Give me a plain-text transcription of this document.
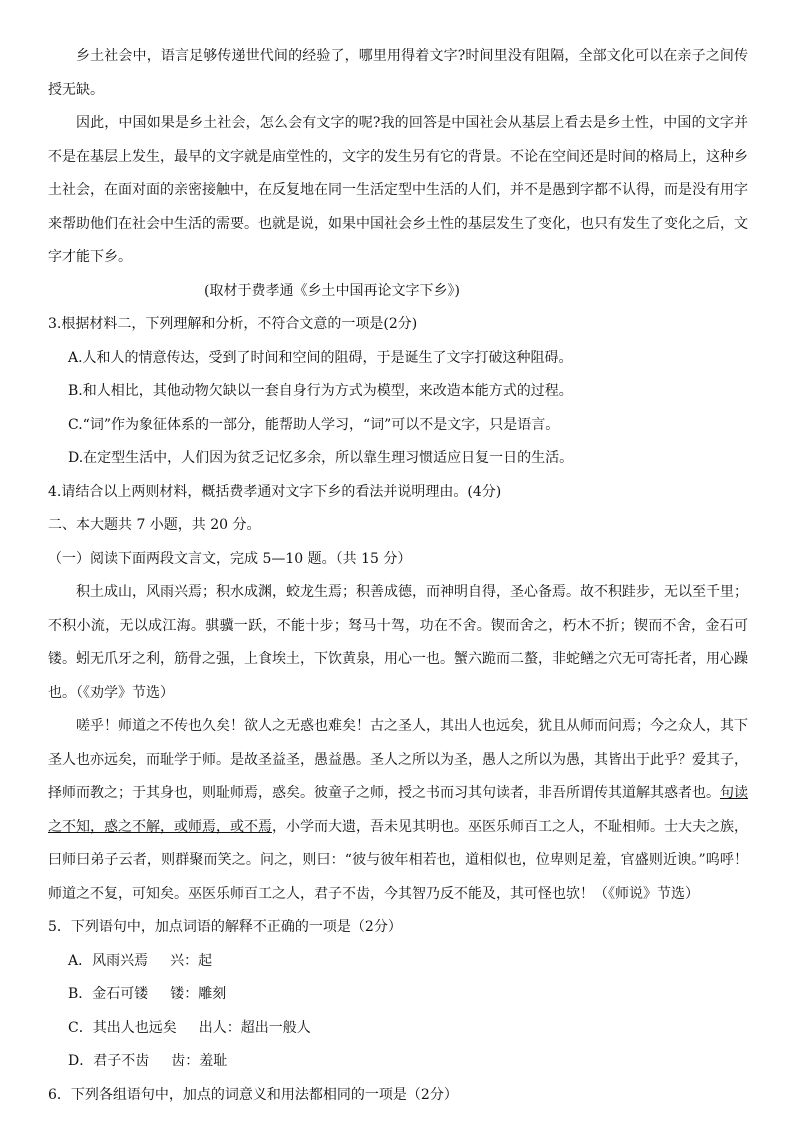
乡土社会中，语言足够传递世代间的经验了，哪里用得着文字?时间里没有阻隔，全部文化可以在亲子之间传授无缺。

因此，中国如果是乡土社会，怎么会有文字的呢?我的回答是中国社会从基层上看去是乡土性，中国的文字并不是在基层上发生，最早的文字就是庙堂性的，文字的发生另有它的背景。不论在空间还是时间的格局上，这种乡土社会，在面对面的亲密接触中，在反复地在同一生活定型中生活的人们，并不是愚到字都不认得，而是没有用字来帮助他们在社会中生活的需要。也就是说，如果中国社会乡土性的基层发生了变化，也只有发生了变化之后，文字才能下乡。

(取材于费孝通《乡土中国再论文字下乡》)

3.根据材料二，下列理解和分析，不符合文意的一项是(2分)

A.人和人的情意传达，受到了时间和空间的阻碍，于是诞生了文字打破这种阻碍。

B.和人相比，其他动物欠缺以一套自身行为方式为模型，来改造本能方式的过程。

C.“词”作为象征体系的一部分，能帮助人学习，“词”可以不是文字，只是语言。

D.在定型生活中，人们因为贫乏记忆多余，所以靠生理习惯适应日复一日的生活。

4.请结合以上两则材料，概括费孝通对文字下乡的看法并说明理由。(4分)

二、本大题共 7 小题，共 20 分。

（一）阅读下面两段文言文，完成 5—10 题。（共 15 分）

积土成山，风雨兴焉；积水成渊，蛟龙生焉；积善成德，而神明自得，圣心备焉。故不积跬步，无以至千里；不积小流，无以成江海。骐骥一跃，不能十步；驽马十驾，功在不舍。锲而舍之，朽木不折；锲而不舍，金石可镂。蚓无爪牙之利，筋骨之强，上食埃土，下饮黄泉，用心一也。蟹六跪而二螯，非蛇鳝之穴无可寄托者，用心躁也。（《劝学》节选）

嗟乎！师道之不传也久矣！欲人之无惑也难矣！古之圣人，其出人也远矣，犹且从师而问焉；今之众人，其下圣人也亦远矣，而耻学于师。是故圣益圣，愚益愚。圣人之所以为圣，愚人之所以为愚，其皆出于此乎？爱其子，择师而教之；于其身也，则耻师焉，惑矣。彼童子之师，授之书而习其句读者，非吾所谓传其道解其惑者也。句读之不知，惑之不解，或师焉，或不焉，小学而大遗，吾未见其明也。巫医乐师百工之人，不耻相师。士大夫之族，曰师曰弟子云者，则群聚而笑之。问之，则曰：“彼与彼年相若也，道相似也，位卑则足羞，官盛则近谀。”呜呼！师道之不复，可知矣。巫医乐师百工之人，君子不齿，今其智乃反不能及，其可怪也欤！（《师说》节选）

5．下列语句中，加点词语的解释不正确的一项是（2分）

A．风雨兴焉 兴：起

B．金石可镂 镂：雕刻

C．其出人也远矣 出人：超出一般人

D．君子不齿 齿：羞耻

6．下列各组语句中，加点的词意义和用法都相同的一项是（2分）
